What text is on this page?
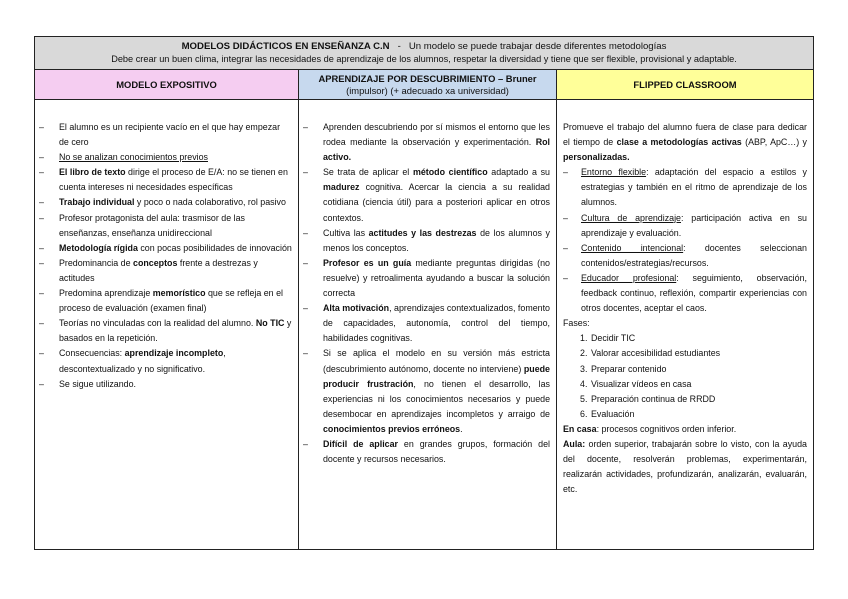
MODELOS DIDÁCTICOS EN ENSEÑANZA C.N - Un modelo se puede trabajar desde diferentes metodologías
Debe crear un buen clima, integrar las necesidades de aprendizaje de los alumnos, respetar la diversidad y tiene que ser flexible, provisional y adaptable.
MODELO EXPOSITIVO
APRENDIZAJE POR DESCUBRIMIENTO – Bruner
(impulsor) (+ adecuado xa universidad)
FLIPPED CLASSROOM
– El alumno es un recipiente vacío en el que hay empezar de cero
– No se analizan conocimientos previos
– El libro de texto dirige el proceso de E/A: no se tienen en cuenta intereses ni necesidades específicas
– Trabajo individual y poco o nada colaborativo, rol pasivo
– Profesor protagonista del aula: trasmisor de las enseñanzas, enseñanza unidireccional
– Metodología rígida con pocas posibilidades de innovación
– Predominancia de conceptos frente a destrezas y actitudes
– Predomina aprendizaje memorístico que se refleja en el proceso de evaluación (examen final)
– Teorías no vinculadas con la realidad del alumno. No TIC y basados en la repetición.
– Consecuencias: aprendizaje incompleto, descontextualizado y no significativo.
– Se sigue utilizando.
– Aprenden descubriendo por sí mismos el entorno que les rodea mediante la observación y experimentación. Rol activo.
– Se trata de aplicar el método científico adaptado a su madurez cognitiva. Acercar la ciencia a su realidad cotidiana (ciencia útil) para a posteriori aplicar en otros contextos.
– Cultiva las actitudes y las destrezas de los alumnos y menos los conceptos.
– Profesor es un guía mediante preguntas dirigidas (no resuelve) y retroalimenta ayudando a buscar la solución correcta
– Alta motivación, aprendizajes contextualizados, fomento de capacidades, autonomía, control del tiempo, habilidades cognitivas.
– Si se aplica el modelo en su versión más estricta (descubrimiento autónomo, docente no interviene) puede producir frustración, no tienen el desarrollo, las experiencias ni los conocimientos necesarios y puede desembocar en aprendizajes incompletos y arraigo de conocimientos previos erróneos.
– Difícil de aplicar en grandes grupos, formación del docente y recursos necesarios.
Promueve el trabajo del alumno fuera de clase para dedicar el tiempo de clase a metodologías activas (ABP, ApC…) y personalizadas.
– Entorno flexible: adaptación del espacio a estilos y estrategias y también en el ritmo de aprendizaje de los alumnos.
– Cultura de aprendizaje: participación activa en su aprendizaje y evaluación.
– Contenido intencional: docentes seleccionan contenidos/estrategias/recursos.
– Educador profesional: seguimiento, observación, feedback continuo, reflexión, compartir experiencias con otros docentes, aceptar el caos.
Fases:
Decidir TIC
Valorar accesibilidad estudiantes
Preparar contenido
Visualizar vídeos en casa
Preparación continua de RRDD
Evaluación
En casa: procesos cognitivos orden inferior.
Aula: orden superior, trabajarán sobre lo visto, con la ayuda del docente, resolverán problemas, experimentarán, realizarán actividades, profundizarán, analizarán, evaluarán, etc.
